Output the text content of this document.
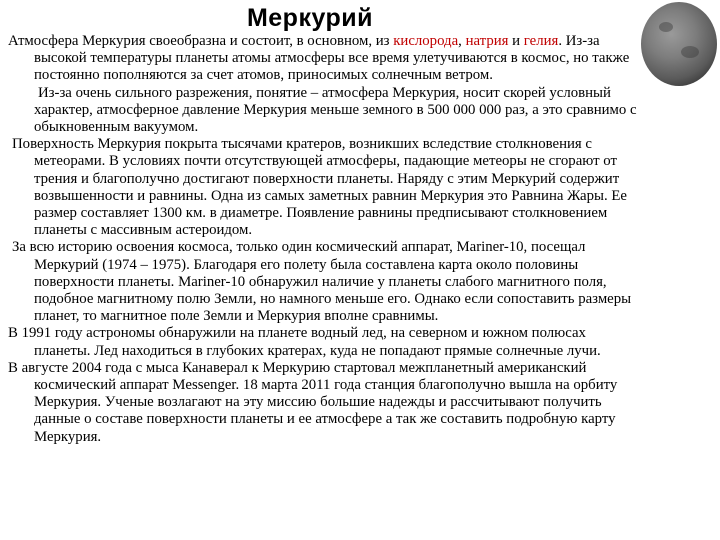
Меркурий

Атмосфера Меркурия своеобразна и состоит, в основном, из кислорода, натрия и гелия. Из-за высокой температуры планеты атомы атмосферы все время улетучиваются в космос, но также постоянно пополняются за счет атомов, приносимых солнечным ветром.

Из-за очень сильного разрежения, понятие – атмосфера Меркурия, носит скорей условный характер, атмосферное давление Меркурия меньше земного в 500 000 000 раз, а это сравнимо с обыкновенным вакуумом.

Поверхность Меркурия покрыта тысячами кратеров, возникших вследствие столкновения с метеорами. В условиях почти отсутствующей атмосферы, падающие метеоры не сгорают от трения и благополучно достигают поверхности планеты. Наряду с этим Меркурий содержит возвышенности и равнины. Одна из самых заметных равнин Меркурия это Равнина Жары. Ее размер составляет 1300 км. в диаметре. Появление равнины предписывают столкновением планеты с массивным астероидом.

За всю историю освоения космоса, только один космический аппарат, Mariner-10, посещал Меркурий (1974 – 1975). Благодаря его полету была составлена карта около половины поверхности планеты. Mariner-10 обнаружил наличие у планеты слабого магнитного поля, подобное магнитному полю Земли, но намного меньше его. Однако если сопоставить размеры планет, то магнитное поле Земли и Меркурия вполне сравнимы.

В 1991 году астрономы обнаружили на планете водный лед, на северном и южном полюсах планеты. Лед находиться в глубоких кратерах, куда не попадают прямые солнечные лучи.

В августе 2004 года с мыса Канаверал к Меркурию стартовал межпланетный американский космический аппарат Messenger. 18 марта 2011 года станция благополучно вышла на орбиту Меркурия. Ученые возлагают на эту миссию большие надежды и рассчитывают получить данные о составе поверхности планеты и ее атмосфере а так же составить подробную карту Меркурия.
